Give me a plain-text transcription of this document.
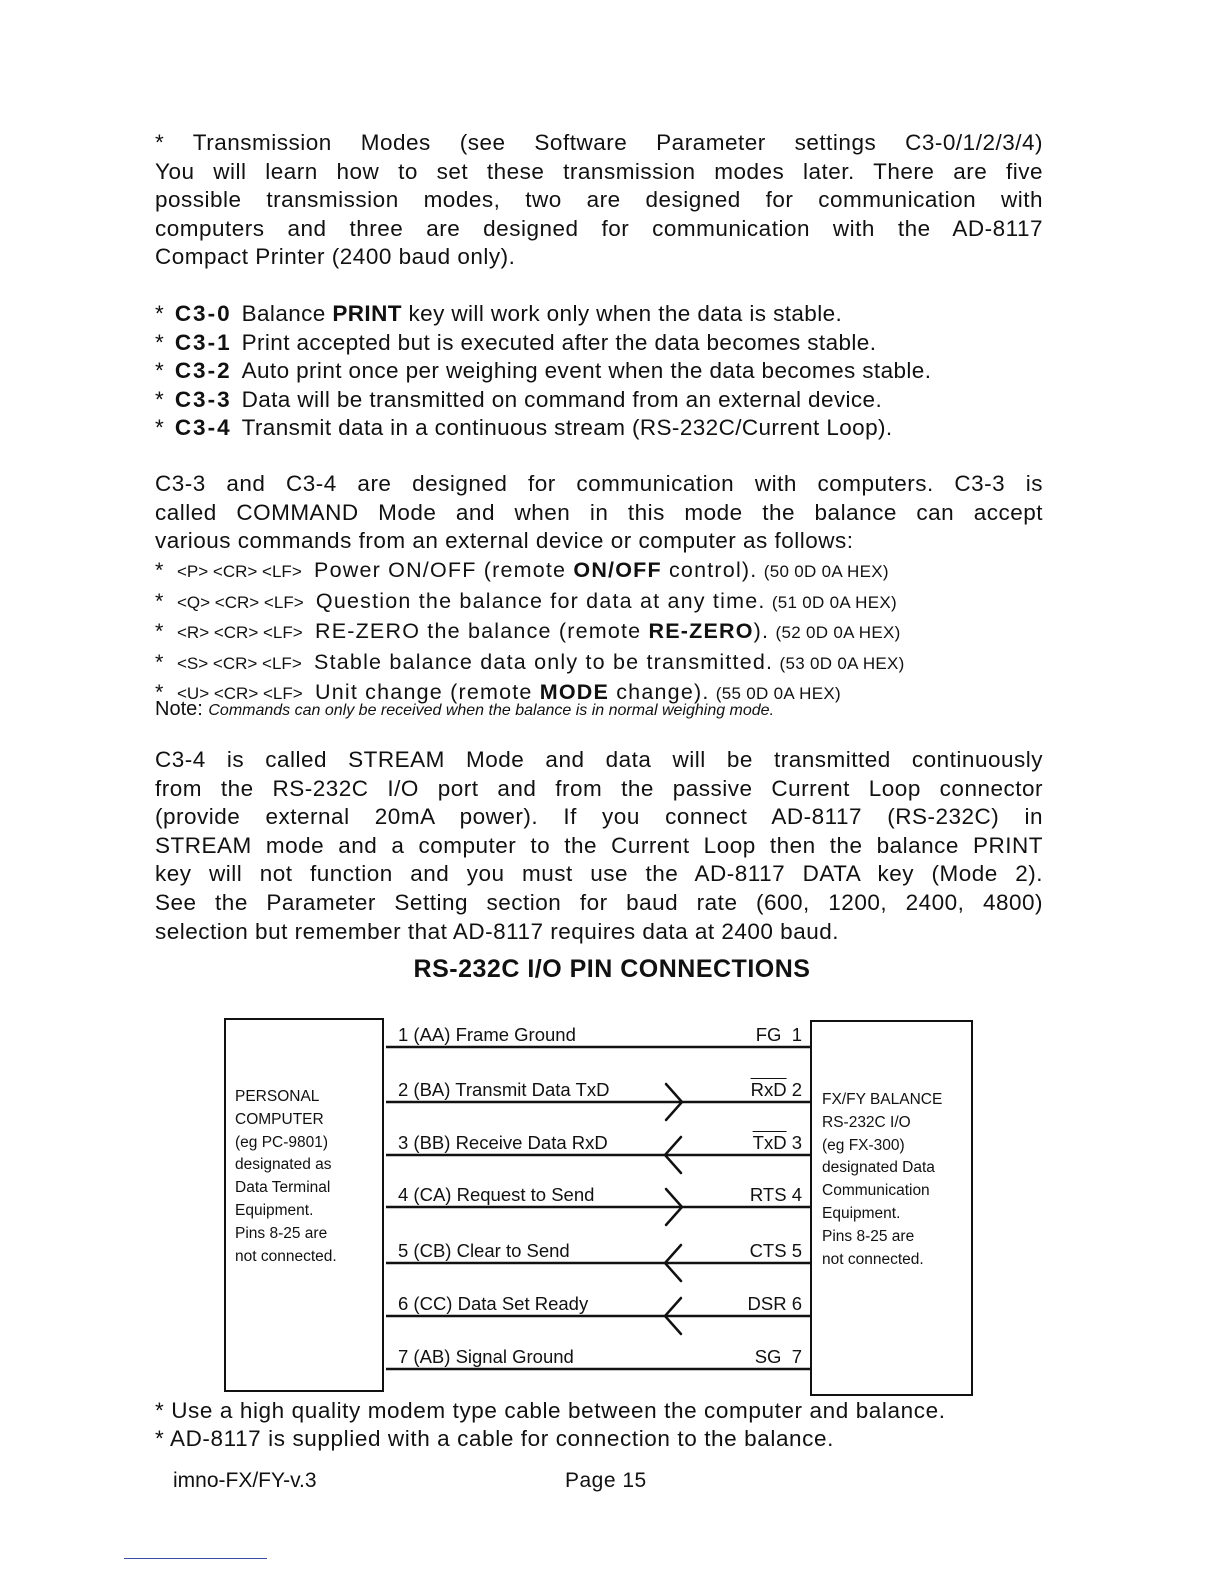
* Transmission Modes (see Software Parameter settings C3-0/1/2/3/4)
You will learn how to set these transmission modes later. There are five
possible transmission modes, two are designed for communication with
computers and three are designed for communication with the AD-8117
Compact Printer (2400 baud only).
* C3-0 Balance PRINT key will work only when the data is stable.
* C3-1 Print accepted but is executed after the data becomes stable.
* C3-2 Auto print once per weighing event when the data becomes stable.
* C3-3 Data will be transmitted on command from an external device.
* C3-4 Transmit data in a continuous stream (RS-232C/Current Loop).
C3-3 and C3-4 are designed for communication with computers. C3-3 is
called COMMAND Mode and when in this mode the balance can accept
various commands from an external device or computer as follows:
* <P> <CR> <LF> Power ON/OFF (remote ON/OFF control). (50 0D 0A HEX)
* <Q> <CR> <LF> Question the balance for data at any time. (51 0D 0A HEX)
* <R> <CR> <LF> RE-ZERO the balance (remote RE-ZERO). (52 0D 0A HEX)
* <S> <CR> <LF> Stable balance data only to be transmitted. (53 0D 0A HEX)
* <U> <CR> <LF> Unit change (remote MODE change). (55 0D 0A HEX)
Note: Commands can only be received when the balance is in normal weighing mode.
C3-4 is called STREAM Mode and data will be transmitted continuously
from the RS-232C I/O port and from the passive Current Loop connector
(provide external 20mA power). If you connect AD-8117 (RS-232C) in
STREAM mode and a computer to the Current Loop then the balance PRINT
key will not function and you must use the AD-8117 DATA key (Mode 2).
See the Parameter Setting section for baud rate (600, 1200, 2400, 4800)
selection but remember that AD-8117 requires data at 2400 baud.
RS-232C I/O PIN CONNECTIONS
PERSONAL
COMPUTER
(eg PC-9801)
designated as
Data Terminal
Equipment.
Pins 8-25 are
not connected.
FX/FY BALANCE
RS-232C I/O
(eg FX-300)
designated Data
Communication
Equipment.
Pins 8-25 are
not connected.
1 (AA) Frame Ground
2 (BA) Transmit Data TxD
3 (BB) Receive Data RxD
4 (CA) Request to Send
5 (CB) Clear to Send
6 (CC) Data Set Ready
7 (AB) Signal Ground
FG 1
$\overline{RxD}$ 2
$\overline{TxD}$ 3
RTS 4
CTS 5
DSR 6
SG 7
* Use a high quality modem type cable between the computer and balance.
* AD-8117 is supplied with a cable for connection to the balance.
imno-FX/FY-v.3	Page 15
